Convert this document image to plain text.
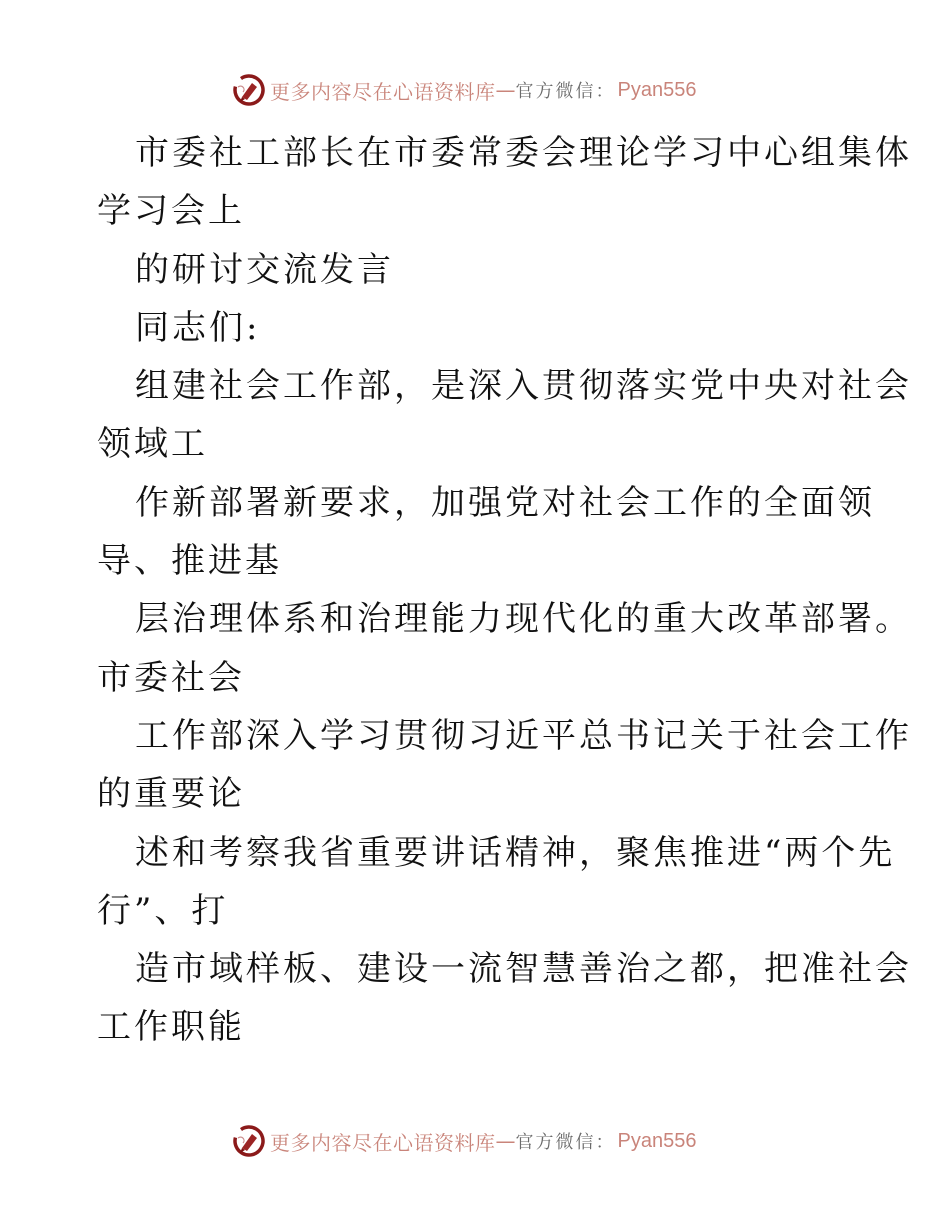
更多内容尽在心语资料库 — 官方微信： Pyan556
市委社工部长在市委常委会理论学习中心组集体
学习会上
的研讨交流发言
同志们:
组建社会工作部，是深入贯彻落实党中央对社会
领域工
作新部署新要求，加强党对社会工作的全面领
导、推进基
层治理体系和治理能力现代化的重大改革部署。
市委社会
工作部深入学习贯彻习近平总书记关于社会工作
的重要论
述和考察我省重要讲话精神，聚焦推进“两个先
行”、打
造市域样板、建设一流智慧善治之都，把准社会
工作职能
更多内容尽在心语资料库 — 官方微信： Pyan556
